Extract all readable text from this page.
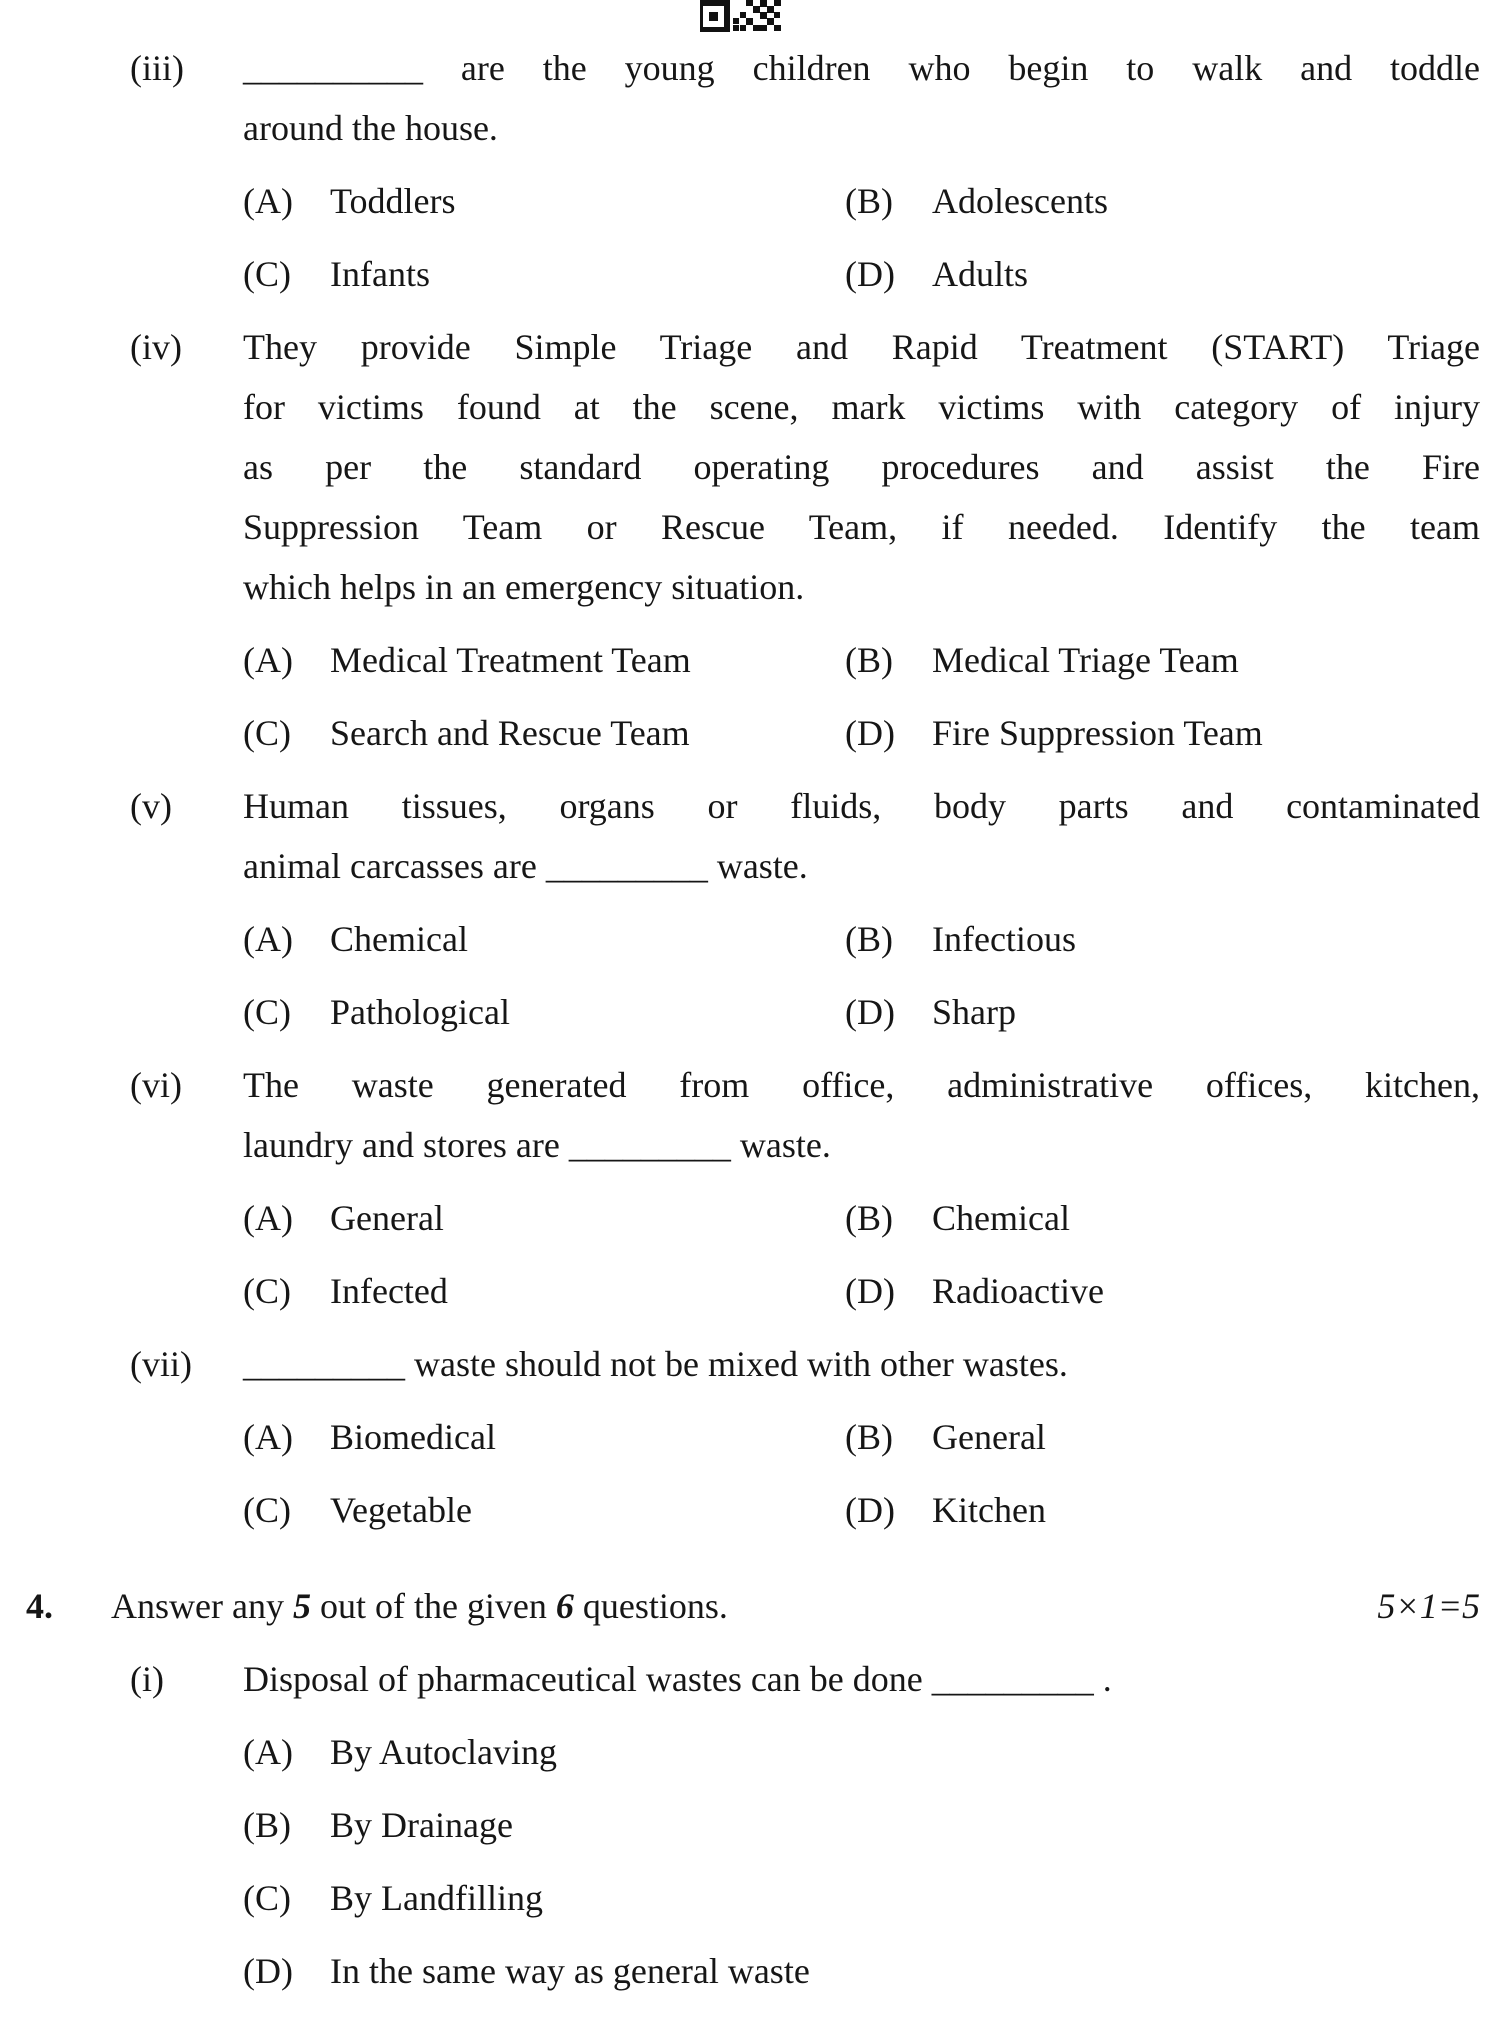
(iii)	__________ are the young children who begin to walk and toddle
around the house.
(A)	Toddlers	(B)	Adolescents
(C)	Infants	(D)	Adults
(iv)	They provide Simple Triage and Rapid Treatment (START) Triage
for victims found at the scene, mark victims with category of injury
as per the standard operating procedures and assist the Fire
Suppression Team or Rescue Team, if needed. Identify the team
which helps in an emergency situation.
(A)	Medical Treatment Team	(B)	Medical Triage Team
(C)	Search and Rescue Team	(D)	Fire Suppression Team
(v)	Human tissues, organs or fluids, body parts and contaminated
animal carcasses are _________ waste.
(A)	Chemical	(B)	Infectious
(C)	Pathological	(D)	Sharp
(vi)	The waste generated from office, administrative offices, kitchen,
laundry and stores are _________ waste.
(A)	General	(B)	Chemical
(C)	Infected	(D)	Radioactive
(vii)	_________ waste should not be mixed with other wastes.
(A)	Biomedical	(B)	General
(C)	Vegetable	(D)	Kitchen
4.	Answer any 5 out of the given 6 questions.	5×1=5
(i)	Disposal of pharmaceutical wastes can be done _________ .
(A)	By Autoclaving
(B)	By Drainage
(C)	By Landfilling
(D)	In the same way as general waste
